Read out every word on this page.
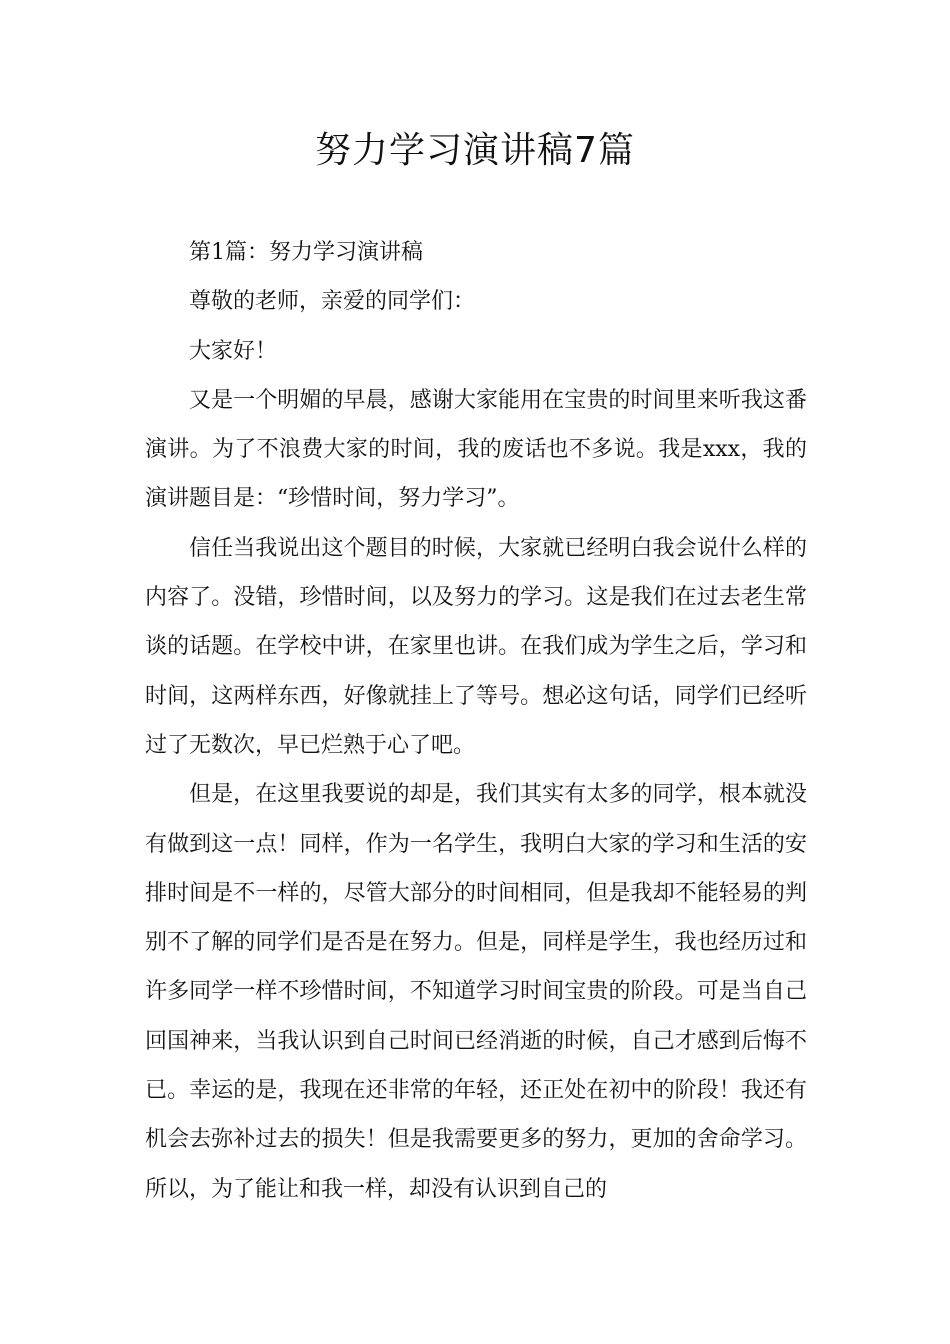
努力学习演讲稿7篇

第1篇：努力学习演讲稿

尊敬的老师，亲爱的同学们：

大家好！

又是一个明媚的早晨，感谢大家能用在宝贵的时间里来听我这番演讲。为了不浪费大家的时间，我的废话也不多说。我是xxx，我的演讲题目是：“珍惜时间，努力学习”。

信任当我说出这个题目的时候，大家就已经明白我会说什么样的内容了。没错，珍惜时间，以及努力的学习。这是我们在过去老生常谈的话题。在学校中讲，在家里也讲。在我们成为学生之后，学习和时间，这两样东西，好像就挂上了等号。想必这句话，同学们已经听过了无数次，早已烂熟于心了吧。

但是，在这里我要说的却是，我们其实有太多的同学，根本就没有做到这一点！同样，作为一名学生，我明白大家的学习和生活的安排时间是不一样的，尽管大部分的时间相同，但是我却不能轻易的判别不了解的同学们是否是在努力。但是，同样是学生，我也经历过和许多同学一样不珍惜时间，不知道学习时间宝贵的阶段。可是当自己回国神来，当我认识到自己时间已经消逝的时候，自己才感到后悔不已。幸运的是，我现在还非常的年轻，还正处在初中的阶段！我还有机会去弥补过去的损失！但是我需要更多的努力，更加的舍命学习。所以，为了能让和我一样，却没有认识到自己的
